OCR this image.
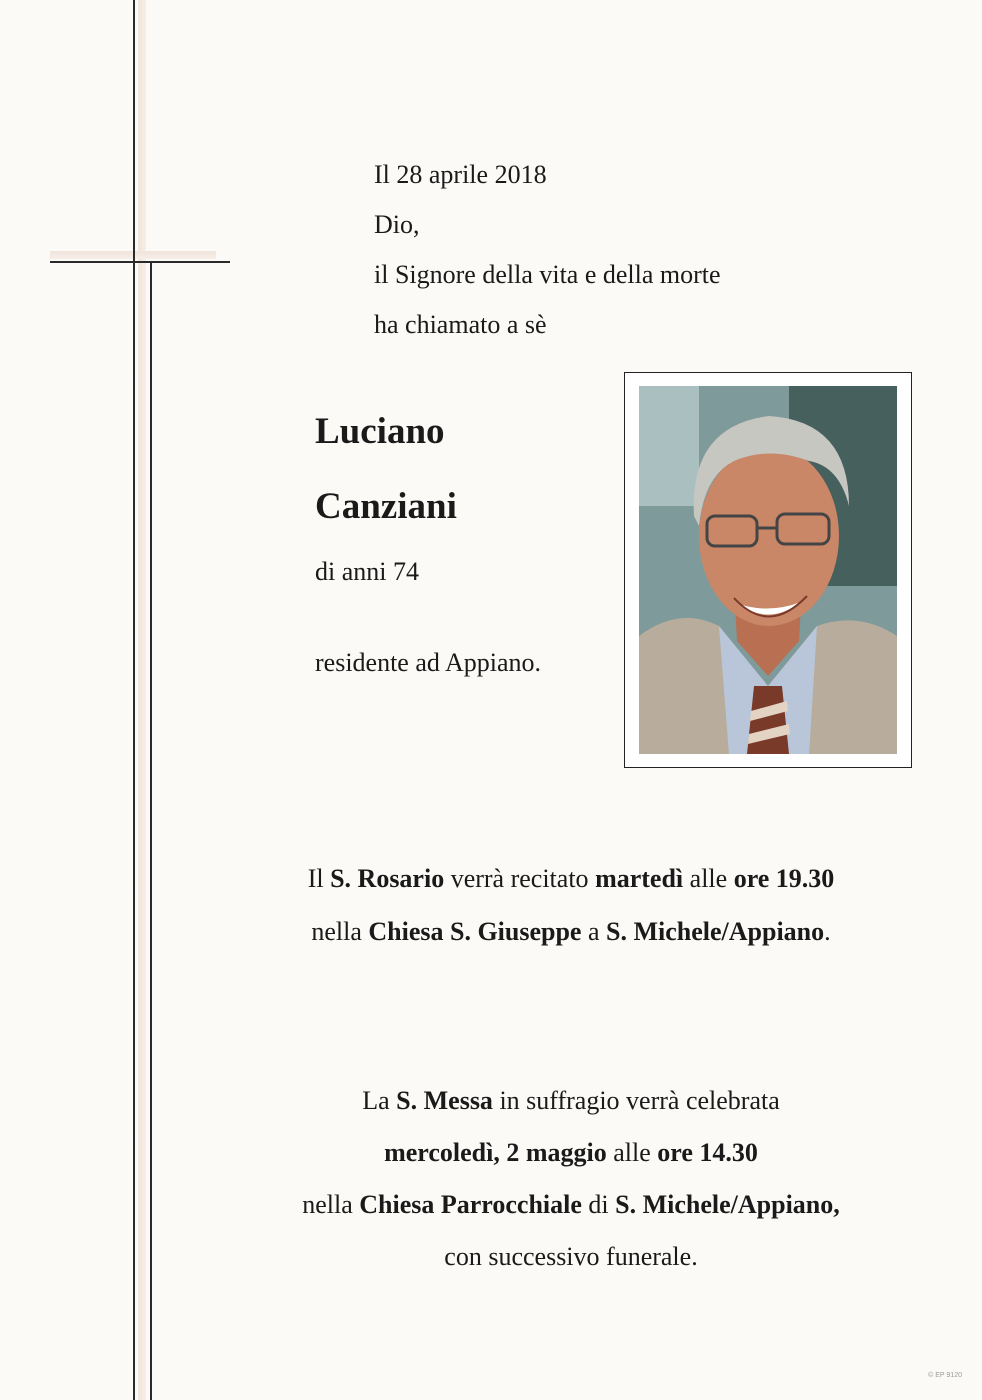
Il 28 aprile 2018
Dio,
il Signore della vita e della morte
ha chiamato a sè
Luciano
Canziani
di anni 74
residente ad Appiano.
Il S. Rosario verrà recitato martedì alle ore 19.30
nella Chiesa S. Giuseppe a S. Michele/Appiano.
La S. Messa in suffragio verrà celebrata
mercoledì, 2 maggio alle ore 14.30
nella Chiesa Parrocchiale di S. Michele/Appiano,
con successivo funerale.
© EP 9120
